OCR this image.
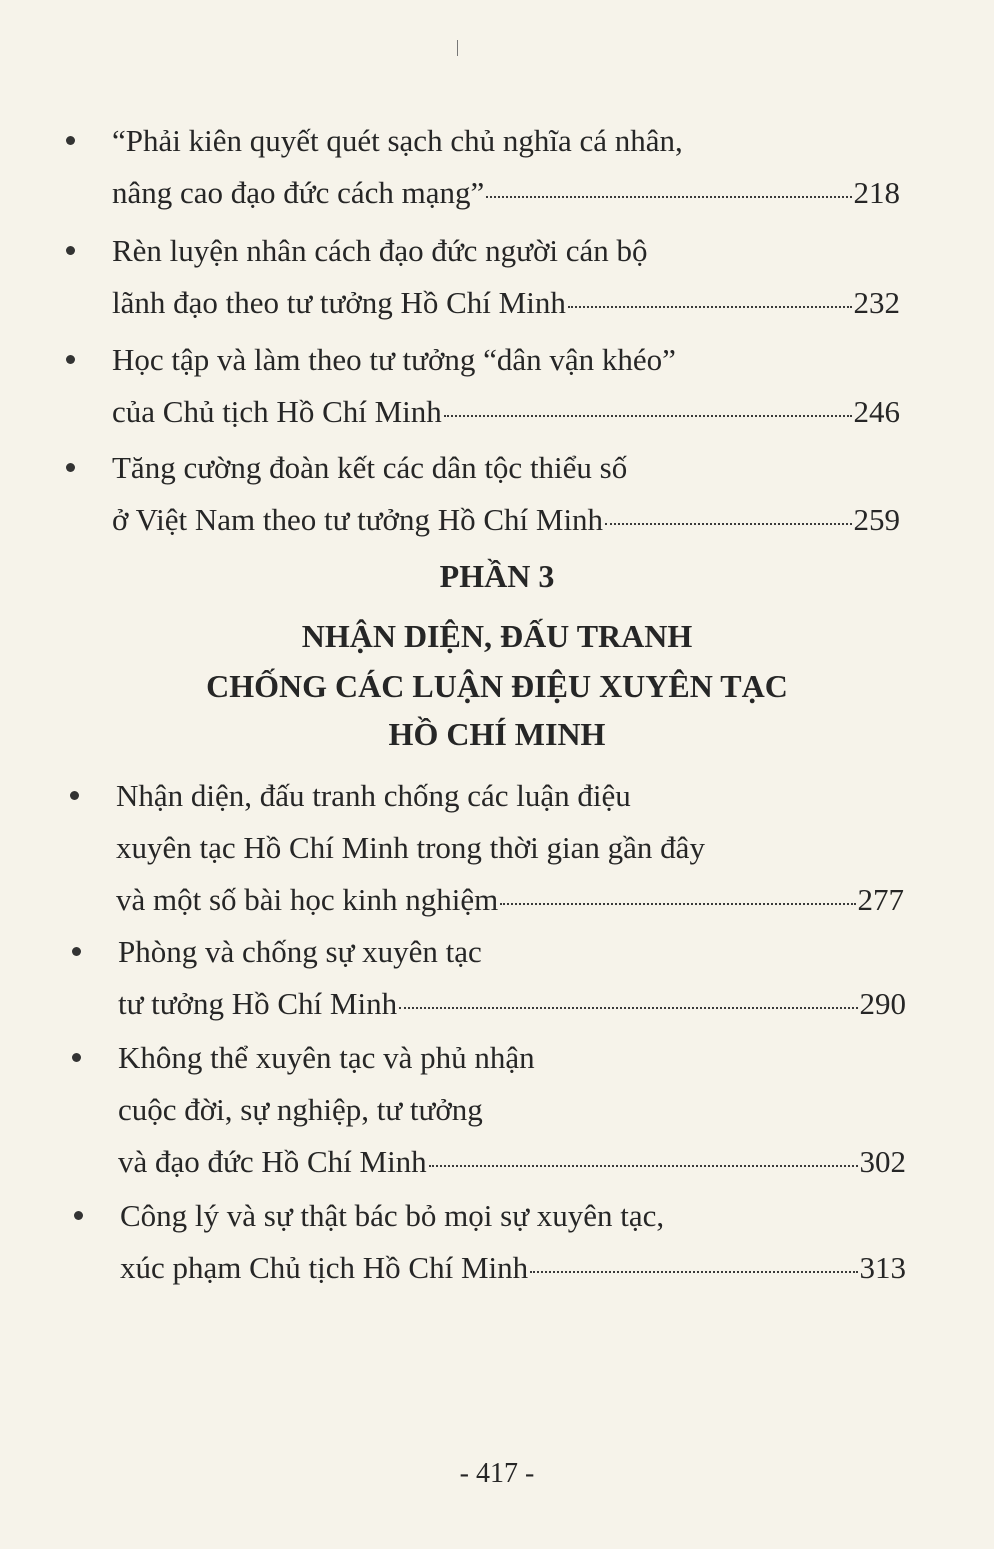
“Phải kiên quyết quét sạch chủ nghĩa cá nhân,
nâng cao đạo đức cách mạng”	218
Rèn luyện nhân cách đạo đức người cán bộ
lãnh đạo theo tư tưởng Hồ Chí Minh	232
Học tập và làm theo tư tưởng “dân vận khéo”
của Chủ tịch Hồ Chí Minh	246
Tăng cường đoàn kết các dân tộc thiểu số
ở Việt Nam theo tư tưởng Hồ Chí Minh	259
PHẦN 3
NHẬN DIỆN, ĐẤU TRANH
CHỐNG CÁC LUẬN ĐIỆU XUYÊN TẠC
HỒ CHÍ MINH
Nhận diện, đấu tranh chống các luận điệu
xuyên tạc Hồ Chí Minh trong thời gian gần đây
và một số bài học kinh nghiệm	277
Phòng và chống sự xuyên tạc
tư tưởng Hồ Chí Minh	290
Không thể xuyên tạc và phủ nhận
cuộc đời, sự nghiệp, tư tưởng
và đạo đức Hồ Chí Minh	302
Công lý và sự thật bác bỏ mọi sự xuyên tạc,
xúc phạm Chủ tịch Hồ Chí Minh	313
- 417 -
